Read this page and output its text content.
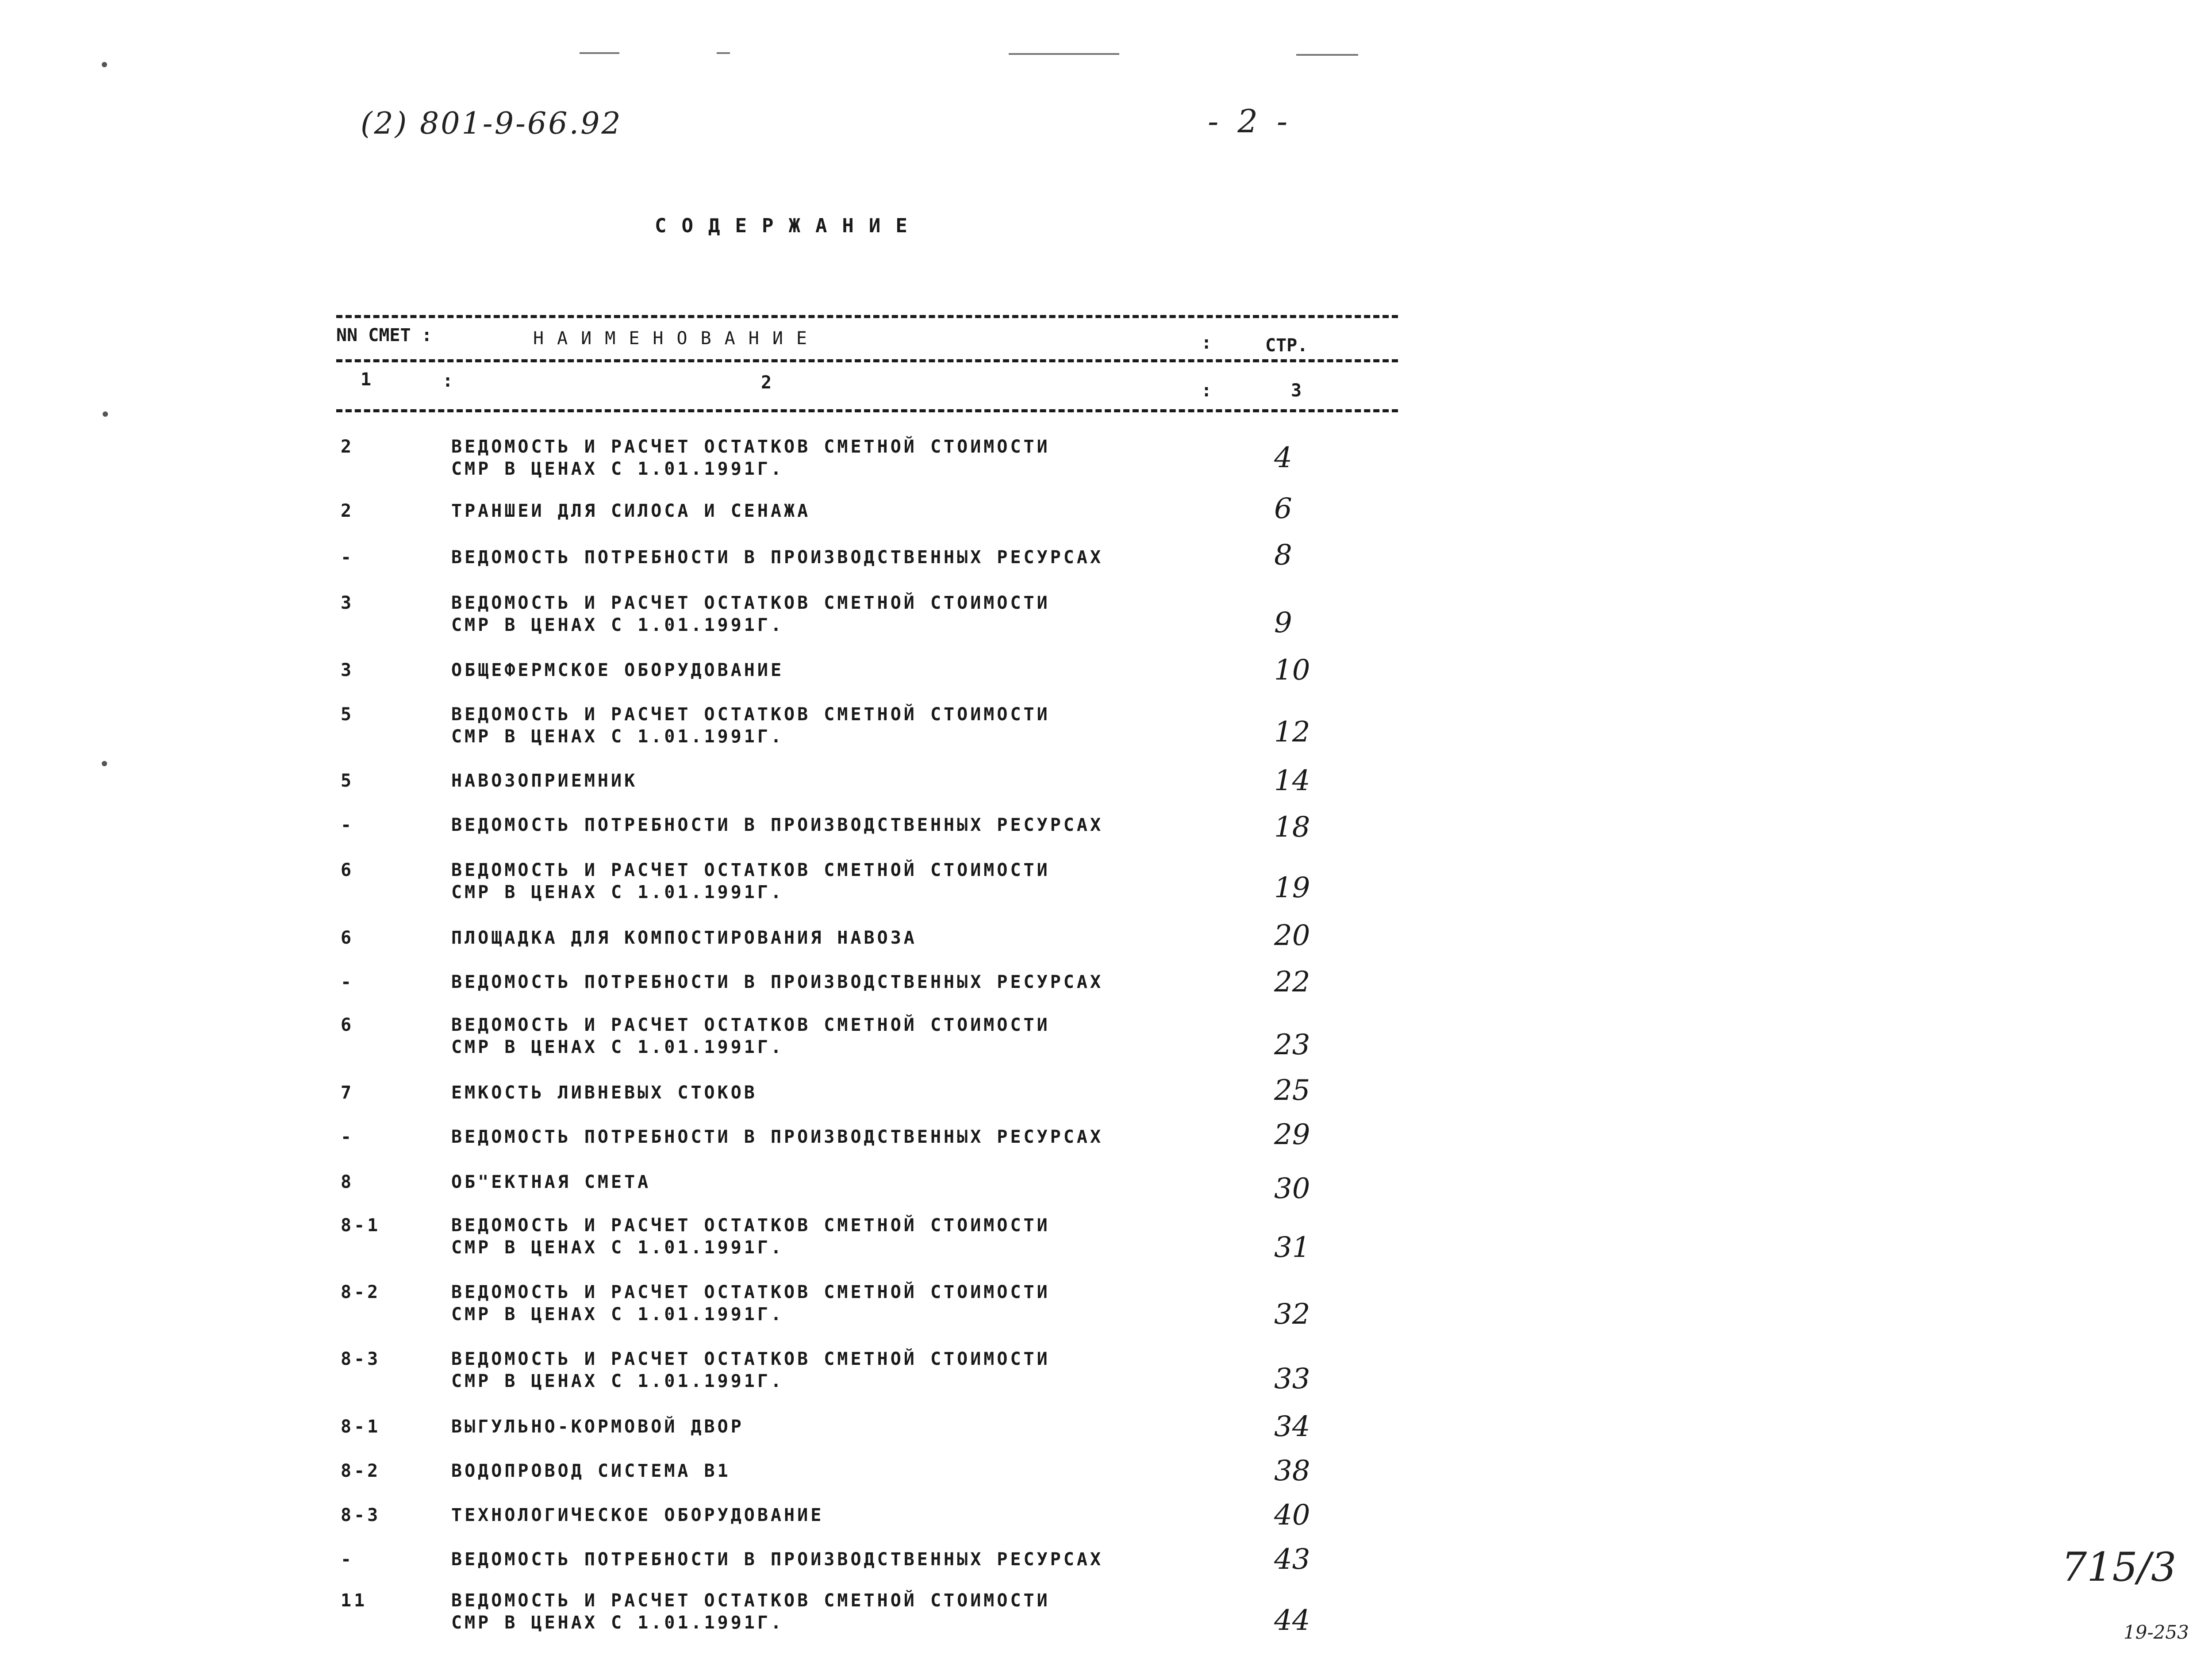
(2) 801-9-66.92	- 2 -
СОДЕРЖАНИЕ
NN СМЕТ :	НАИМЕНОВАНИЕ	:	СТР.
1	:	2	:	3
2	ВЕДОМОСТЬ И РАСЧЕТ ОСТАТКОВ СМЕТНОЙ СТОИМОСТИ
СМР В ЦЕНАХ С 1.01.1991Г.	4
2	ТРАНШЕИ ДЛЯ СИЛОСА И СЕНАЖА	6
-	ВЕДОМОСТЬ ПОТРЕБНОСТИ В ПРОИЗВОДСТВЕННЫХ РЕСУРСАХ	8
3	ВЕДОМОСТЬ И РАСЧЕТ ОСТАТКОВ СМЕТНОЙ СТОИМОСТИ
СМР В ЦЕНАХ С 1.01.1991Г.	9
3	ОБЩЕФЕРМСКОЕ ОБОРУДОВАНИЕ	10
5	ВЕДОМОСТЬ И РАСЧЕТ ОСТАТКОВ СМЕТНОЙ СТОИМОСТИ
СМР В ЦЕНАХ С 1.01.1991Г.	12
5	НАВОЗОПРИЕМНИК	14
-	ВЕДОМОСТЬ ПОТРЕБНОСТИ В ПРОИЗВОДСТВЕННЫХ РЕСУРСАХ	18
6	ВЕДОМОСТЬ И РАСЧЕТ ОСТАТКОВ СМЕТНОЙ СТОИМОСТИ
СМР В ЦЕНАХ С 1.01.1991Г.	19
6	ПЛОЩАДКА ДЛЯ КОМПОСТИРОВАНИЯ НАВОЗА	20
-	ВЕДОМОСТЬ ПОТРЕБНОСТИ В ПРОИЗВОДСТВЕННЫХ РЕСУРСАХ	22
6	ВЕДОМОСТЬ И РАСЧЕТ ОСТАТКОВ СМЕТНОЙ СТОИМОСТИ
СМР В ЦЕНАХ С 1.01.1991Г.	23
7	ЕМКОСТЬ ЛИВНЕВЫХ СТОКОВ	25
-	ВЕДОМОСТЬ ПОТРЕБНОСТИ В ПРОИЗВОДСТВЕННЫХ РЕСУРСАХ	29
8	ОБ"ЕКТНАЯ СМЕТА	30
8-1	ВЕДОМОСТЬ И РАСЧЕТ ОСТАТКОВ СМЕТНОЙ СТОИМОСТИ
СМР В ЦЕНАХ С 1.01.1991Г.	31
8-2	ВЕДОМОСТЬ И РАСЧЕТ ОСТАТКОВ СМЕТНОЙ СТОИМОСТИ
СМР В ЦЕНАХ С 1.01.1991Г.	32
8-3	ВЕДОМОСТЬ И РАСЧЕТ ОСТАТКОВ СМЕТНОЙ СТОИМОСТИ
СМР В ЦЕНАХ С 1.01.1991Г.	33
8-1	ВЫГУЛЬНО-КОРМОВОЙ ДВОР	34
8-2	ВОДОПРОВОД СИСТЕМА В1	38
8-3	ТЕХНОЛОГИЧЕСКОЕ ОБОРУДОВАНИЕ	40
-	ВЕДОМОСТЬ ПОТРЕБНОСТИ В ПРОИЗВОДСТВЕННЫХ РЕСУРСАХ	43
11	ВЕДОМОСТЬ И РАСЧЕТ ОСТАТКОВ СМЕТНОЙ СТОИМОСТИ
СМР В ЦЕНАХ С 1.01.1991Г.	44
715/3
19-253
